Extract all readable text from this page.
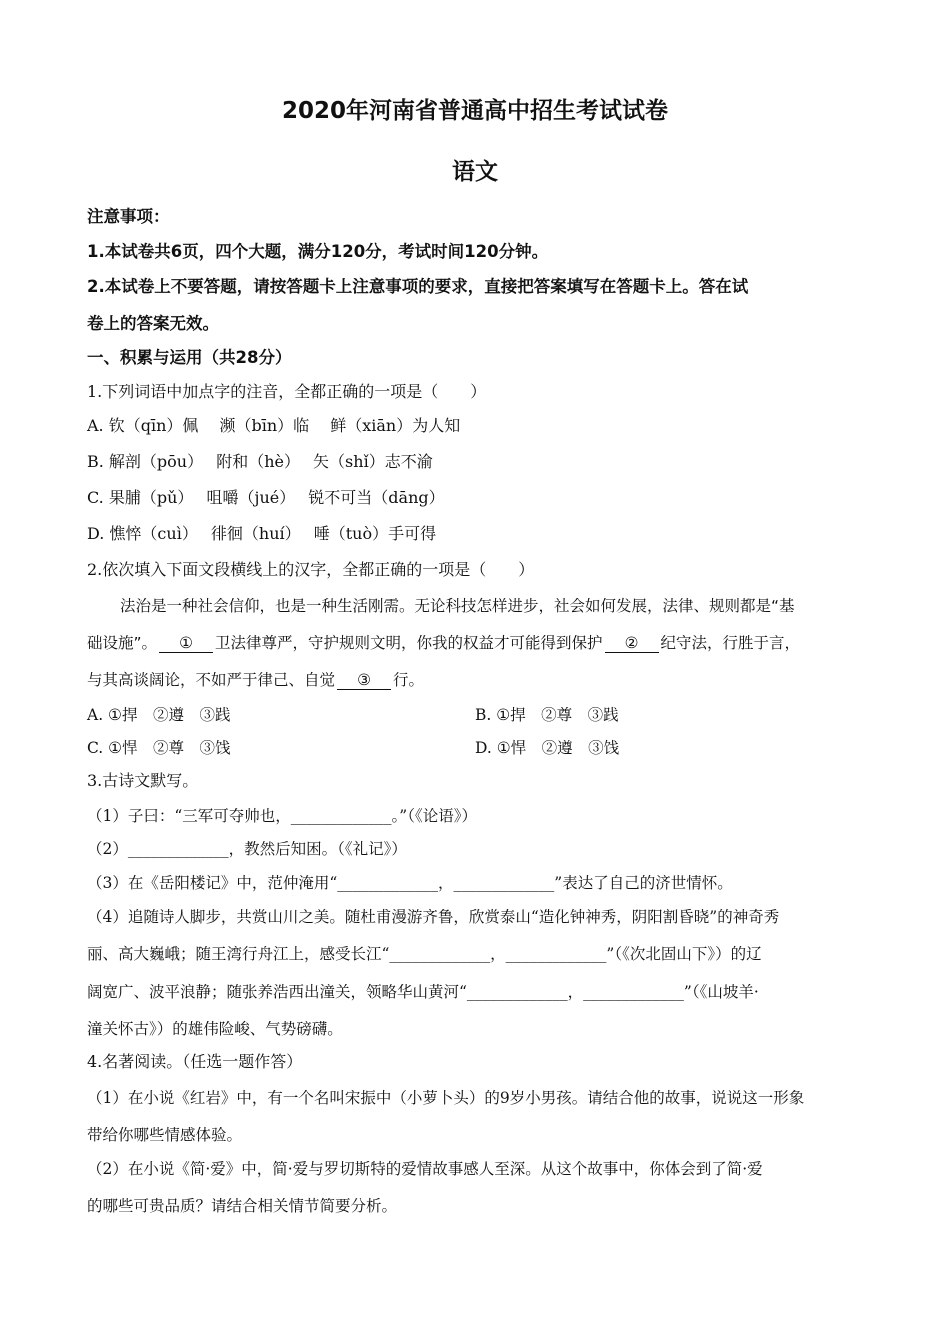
2020年河南省普通高中招生考试试卷
语文
注意事项：
1.本试卷共6页，四个大题，满分120分，考试时间120分钟。
2.本试卷上不要答题，请按答题卡上注意事项的要求，直接把答案填写在答题卡上。答在试
卷上的答案无效。
一、积累与运用（共28分）
1.下列词语中加点字的注音，全都正确的一项是（　　）
A. 钦（qīn）佩　 濒（bīn）临　 鲜（xiān）为人知
B. 解剖（pōu）　 附和（hè）　 矢（shǐ）志不渝
C. 果脯（pǔ）　 咀嚼（jué）　 锐不可当（dāng）
D. 憔悴（cuì）　 徘徊（huí）　 唾（tuò）手可得
2.依次填入下面文段横线上的汉字，全都正确的一项是（　　）
法治是一种社会信仰，也是一种生活刚需。无论科技怎样进步，社会如何发展，法律、规则都是“基
础设施”。 ① 卫法律尊严，守护规则文明，你我的权益才可能得到保护 ② 纪守法，行胜于言，
与其高谈阔论，不如严于律己、自觉 ③ 行。
A. ①捍　②遵　③践	B. ①捍　②尊　③践
C. ①悍　②尊　③饯	D. ①悍　②遵　③饯
3.古诗文默写。
（1）子曰：“三军可夺帅也，_____________。”（《论语》）
（2）_____________，教然后知困。（《礼记》）
（3）在《岳阳楼记》中，范仲淹用“_____________，_____________”表达了自己的济世情怀。
（4）追随诗人脚步，共赏山川之美。随杜甫漫游齐鲁，欣赏泰山“造化钟神秀，阴阳割昏晓”的神奇秀
丽、高大巍峨；随王湾行舟江上，感受长江“_____________，_____________”（《次北固山下》）的辽
阔宽广、波平浪静；随张养浩西出潼关，领略华山黄河“_____________，_____________”（《山坡羊·
潼关怀古》）的雄伟险峻、气势磅礴。
4.名著阅读。（任选一题作答）
（1）在小说《红岩》中，有一个名叫宋振中（小萝卜头）的9岁小男孩。请结合他的故事，说说这一形象
带给你哪些情感体验。
（2）在小说《简·爱》中，简·爱与罗切斯特的爱情故事感人至深。从这个故事中，你体会到了简·爱
的哪些可贵品质？请结合相关情节简要分析。
